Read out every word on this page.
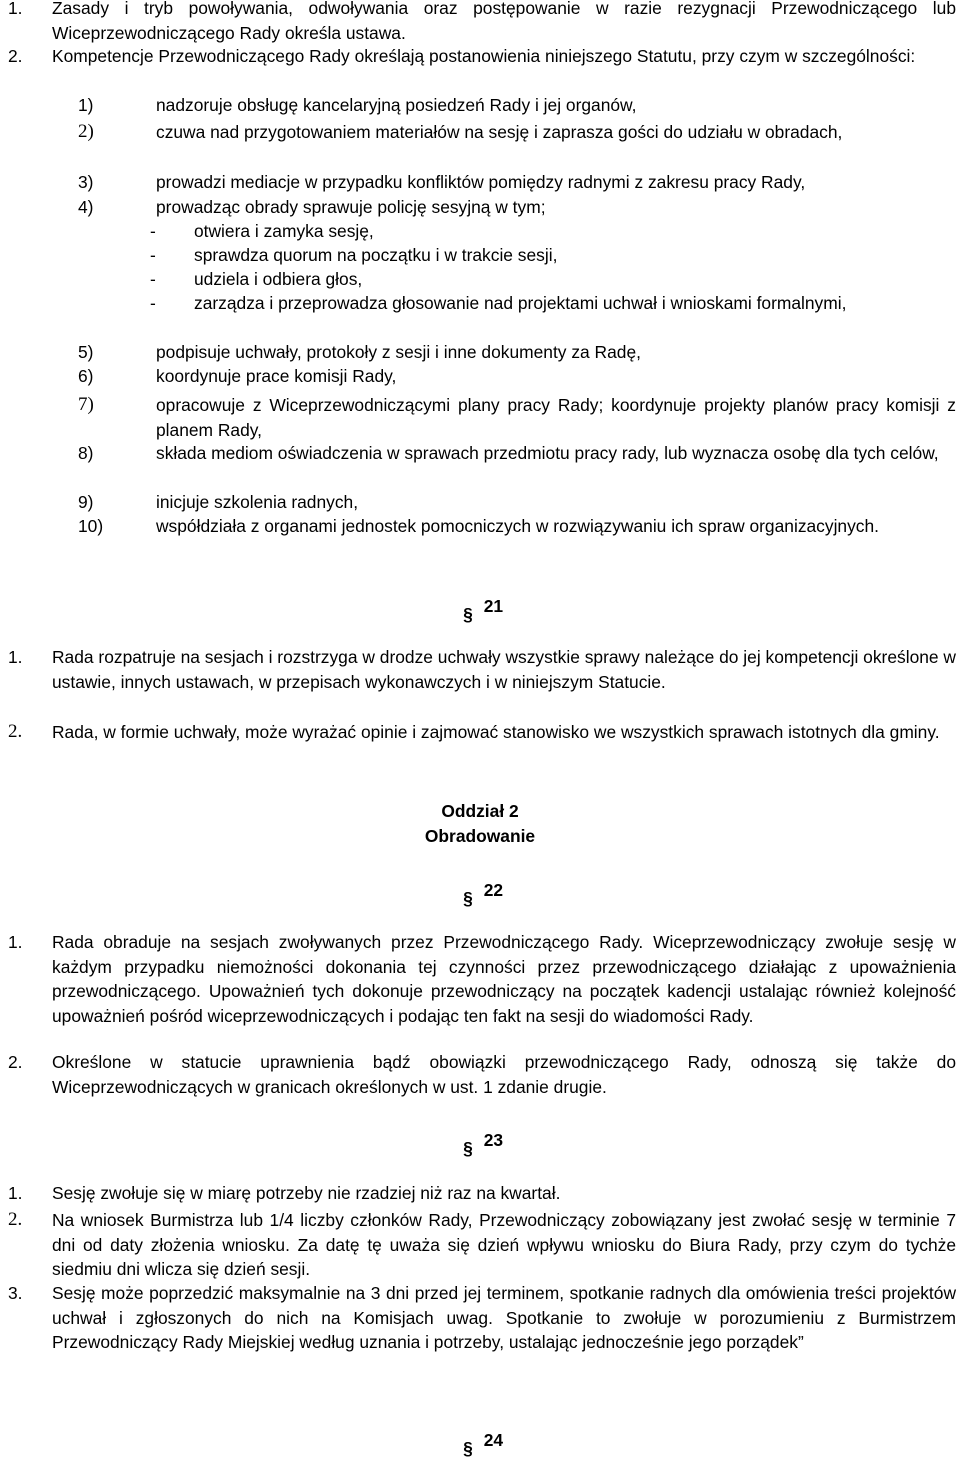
1. Zasady i tryb powoływania, odwoływania oraz postępowanie w razie rezygnacji Przewodniczącego lub Wiceprzewodniczącego Rady określa ustawa.
2. Kompetencje Przewodniczącego Rady określają postanowienia niniejszego Statutu, przy czym w szczególności:
1)	nadzoruje obsługę kancelaryjną posiedzeń Rady i jej organów,
2)	czuwa nad przygotowaniem materiałów na sesję i zaprasza gości do udziału w obradach,
3)	prowadzi mediacje w przypadku konfliktów pomiędzy radnymi z zakresu pracy Rady,
4)	prowadząc obrady sprawuje policję sesyjną w tym;
- otwiera i zamyka sesję,
- sprawdza quorum na początku i w trakcie sesji,
- udziela i odbiera głos,
- zarządza i przeprowadza głosowanie nad projektami uchwał i wnioskami formalnymi,
5)	podpisuje uchwały, protokoły z sesji i inne dokumenty za Radę,
6)	koordynuje prace komisji Rady,
7)	opracowuje z Wiceprzewodniczącymi plany pracy Rady; koordynuje projekty planów pracy komisji z planem Rady,
8)	składa mediom oświadczenia w sprawach przedmiotu pracy rady, lub wyznacza osobę dla tych celów,
9)	inicjuje szkolenia radnych,
10)	współdziała z organami jednostek pomocniczych w rozwiązywaniu ich spraw organizacyjnych.
§ 21
1. Rada rozpatruje na sesjach i rozstrzyga w drodze uchwały wszystkie sprawy należące do jej kompetencji określone w ustawie, innych ustawach, w przepisach wykonawczych i w niniejszym Statucie.
2. Rada, w formie uchwały, może wyrażać opinie i zajmować stanowisko we wszystkich sprawach istotnych dla gminy.
Oddział 2
Obradowanie
§ 22
1. Rada obraduje na sesjach zwoływanych przez Przewodniczącego Rady. Wiceprzewodniczący zwołuje sesję w każdym przypadku niemożności dokonania tej czynności przez przewodniczącego działając z upoważnienia przewodniczącego. Upoważnień tych dokonuje przewodniczący na początek kadencji ustalając również kolejność upoważnień pośród wiceprzewodniczących i podając ten fakt na sesji do wiadomości Rady.
2. Określone w statucie uprawnienia bądź obowiązki przewodniczącego Rady, odnoszą się także do Wiceprzewodniczących w granicach określonych w ust. 1 zdanie drugie.
§ 23
1. Sesję zwołuje się w miarę potrzeby nie rzadziej niż raz na kwartał.
2. Na wniosek Burmistrza lub 1/4 liczby członków Rady, Przewodniczący zobowiązany jest zwołać sesję w terminie 7 dni od daty złożenia wniosku. Za datę tę uważa się dzień wpływu wniosku do Biura Rady, przy czym do tychże siedmiu dni wlicza się dzień sesji.
3. Sesję może poprzedzić maksymalnie na 3 dni przed jej terminem, spotkanie radnych dla omówienia treści projektów uchwał i zgłoszonych do nich na Komisjach uwag. Spotkanie to zwołuje w porozumieniu z Burmistrzem Przewodniczący Rady Miejskiej według uznania i potrzeby, ustalając jednocześnie jego porządek”
§ 24
